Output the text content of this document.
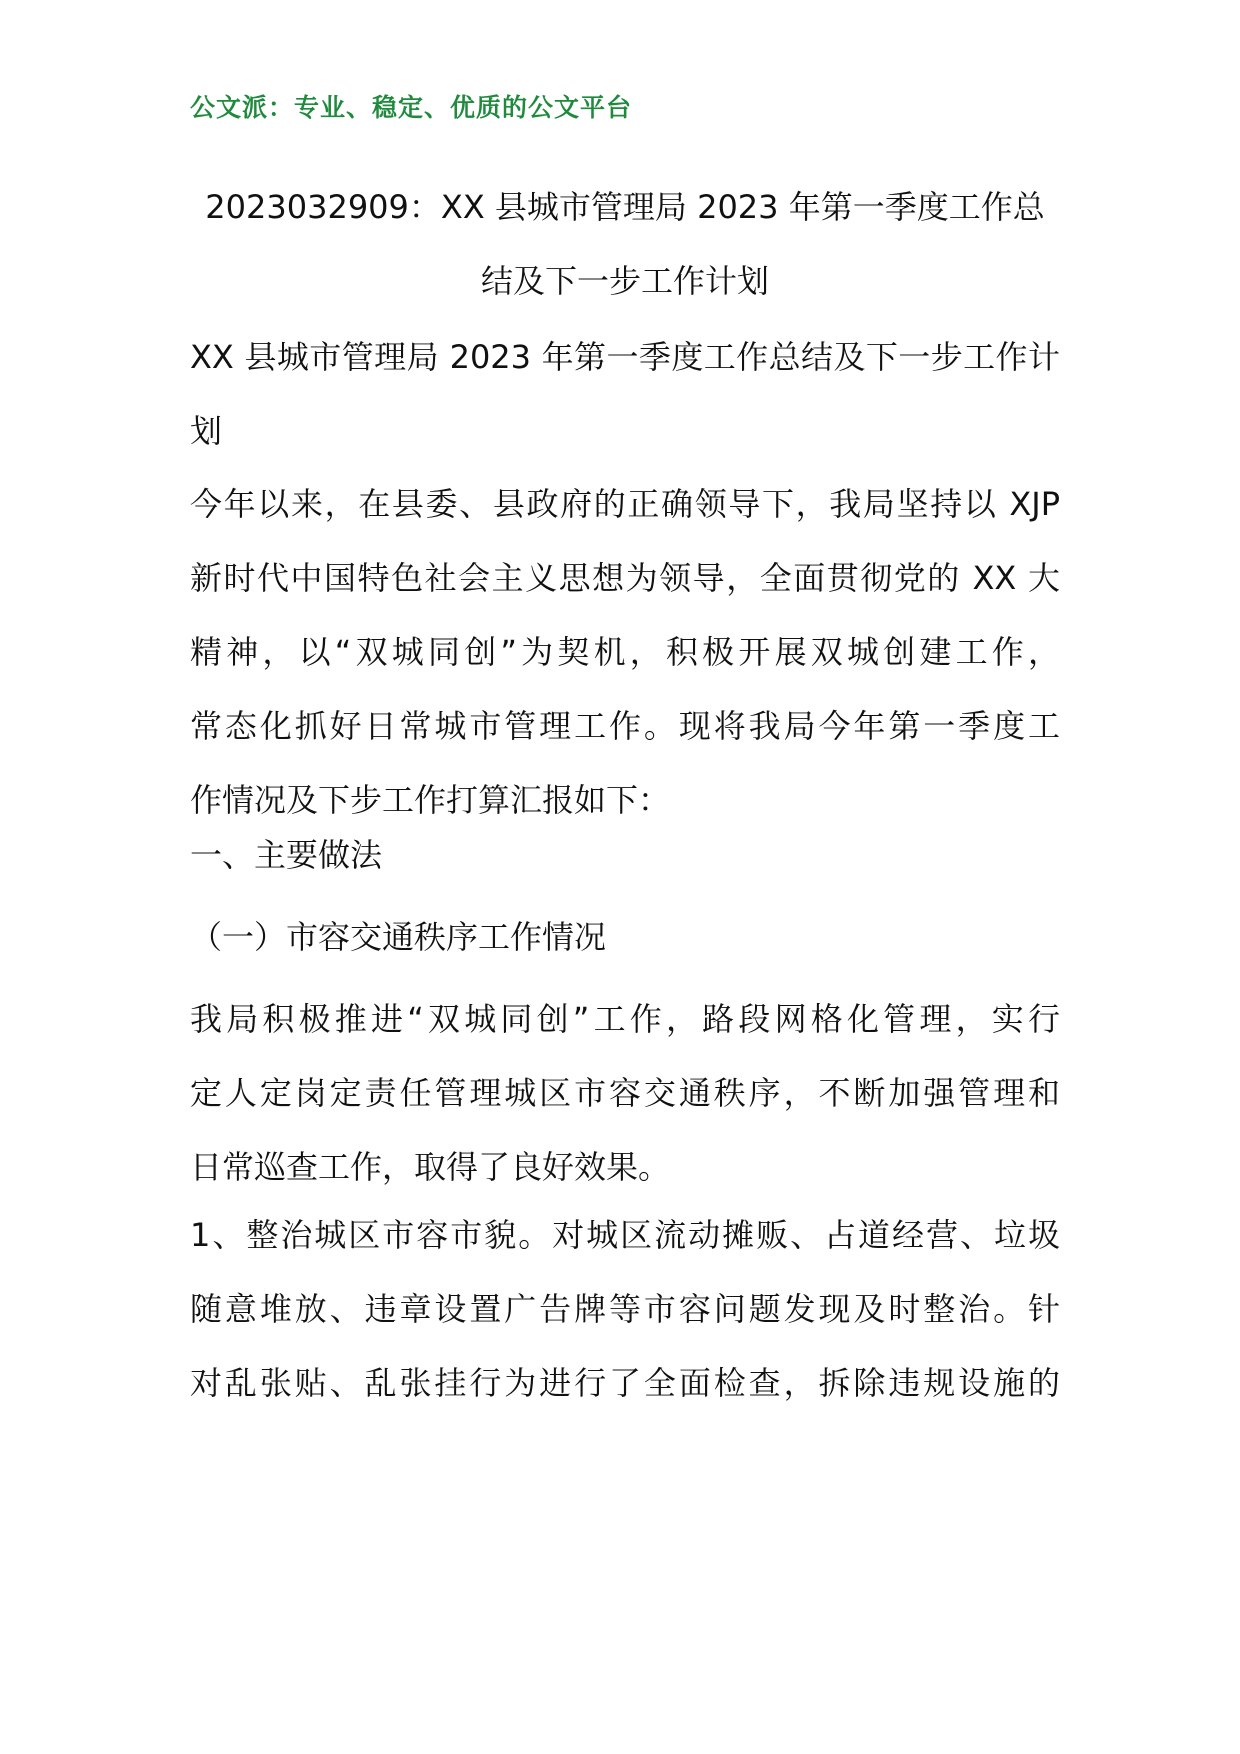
公文派：专业、稳定、优质的公文平台
2023032909：XX 县城市管理局 2023 年第一季度工作总
结及下一步工作计划
XX 县城市管理局 2023 年第一季度工作总结及下一步工作计
划
今年以来，在县委、县政府的正确领导下，我局坚持以 XJP
新时代中国特色社会主义思想为领导，全面贯彻党的 XX 大
精神，以“双城同创”为契机，积极开展双城创建工作，
常态化抓好日常城市管理工作。现将我局今年第一季度工
作情况及下步工作打算汇报如下：
一、主要做法
（一）市容交通秩序工作情况
我局积极推进“双城同创”工作，路段网格化管理，实行
定人定岗定责任管理城区市容交通秩序，不断加强管理和
日常巡查工作，取得了良好效果。
1、整治城区市容市貌。对城区流动摊贩、占道经营、垃圾
随意堆放、违章设置广告牌等市容问题发现及时整治。针
对乱张贴、乱张挂行为进行了全面检查，拆除违规设施的
